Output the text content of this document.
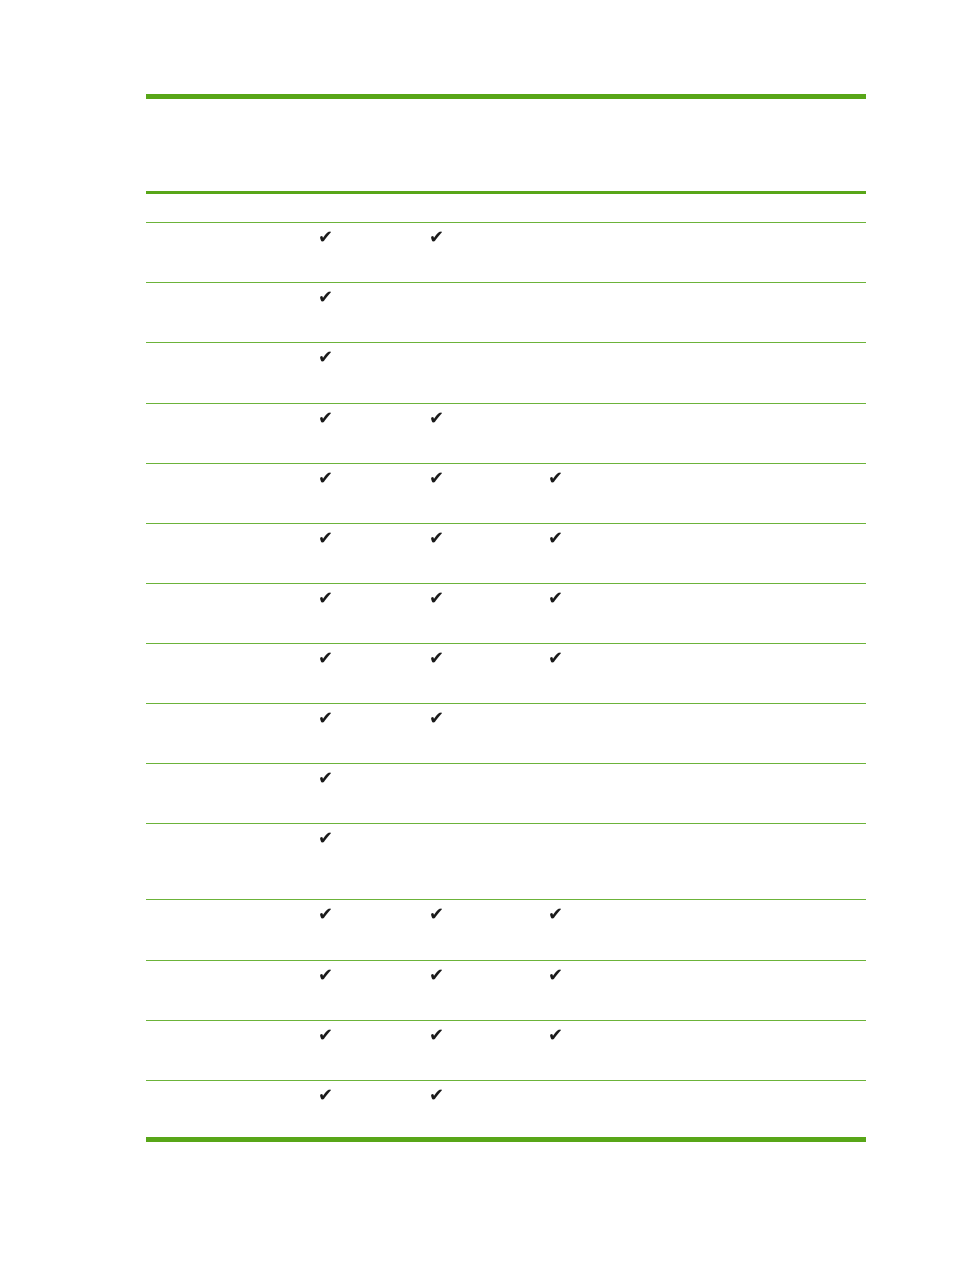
✔	✔
✔
✔
✔	✔
✔	✔	✔
✔	✔	✔
✔	✔	✔
✔	✔	✔
✔	✔
✔
✔
✔	✔	✔
✔	✔	✔
✔	✔	✔
✔	✔
